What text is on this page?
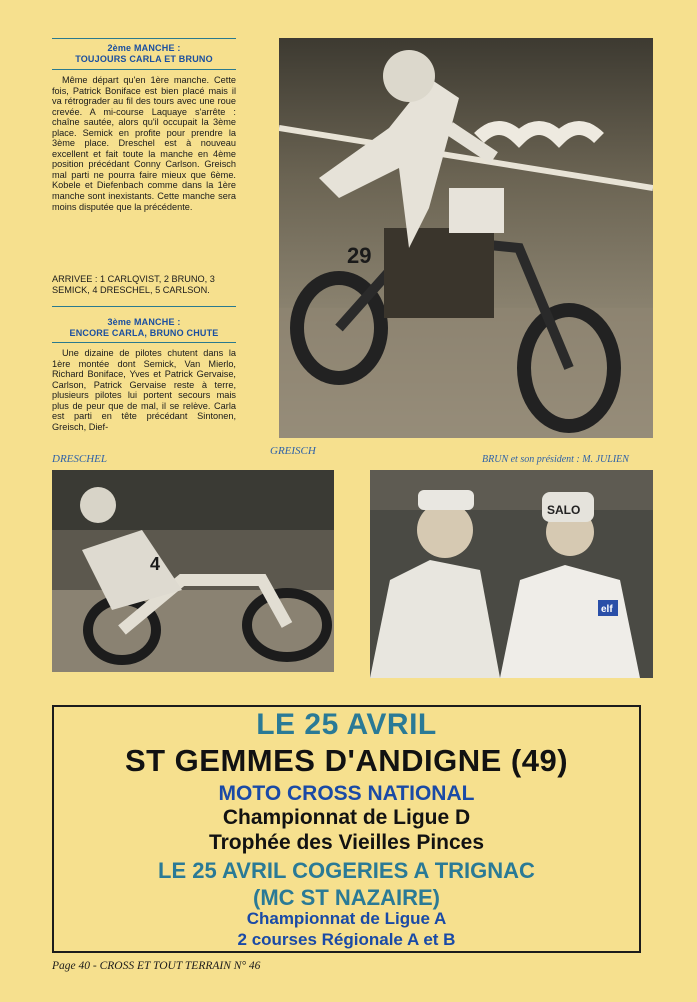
2ème MANCHE :
TOUJOURS CARLA ET BRUNO

Même départ qu'en 1ère manche. Cette fois, Patrick Boniface est bien placé mais il va rétrograder au fil des tours avec une roue crevée. A mi-course Laquaye s'arrête : chaîne sautée, alors qu'il occupait la 3ème place. Semick en profite pour prendre la 3ème place. Dreschel est à nouveau excellent et fait toute la manche en 4ème position précédant Conny Carlson. Greisch mal parti ne pourra faire mieux que 6ème. Kobele et Diefenbach comme dans la 1ère manche sont inexistants. Cette manche sera moins disputée que la précédente.

ARRIVEE : 1 CARLQVIST, 2 BRUNO, 3 SEMICK, 4 DRESCHEL, 5 CARLSON.

3ème MANCHE :
ENCORE CARLA, BRUNO CHUTE

Une dizaine de pilotes chutent dans la 1ère montée dont Semick, Van Mierlo, Richard Boniface, Yves et Patrick Gervaise, Carlson, Patrick Gervaise reste à terre, plusieurs pilotes lui portent secours mais plus de peur que de mal, il se relève. Carla est parti en tête précédant Sintonen, Greisch, Dief-

29
GREISCH
DRESCHEL	BRUN et son président : M. JULIEN
4
SALO
elf
LE 25 AVRIL
ST GEMMES D'ANDIGNE (49)
MOTO CROSS NATIONAL
Championnat de Ligue D
Trophée des Vieilles Pinces
LE 25 AVRIL COGERIES A TRIGNAC
(MC ST NAZAIRE)
Championnat de Ligue A
2 courses Régionale A et B
Page 40 - CROSS ET TOUT TERRAIN N° 46
